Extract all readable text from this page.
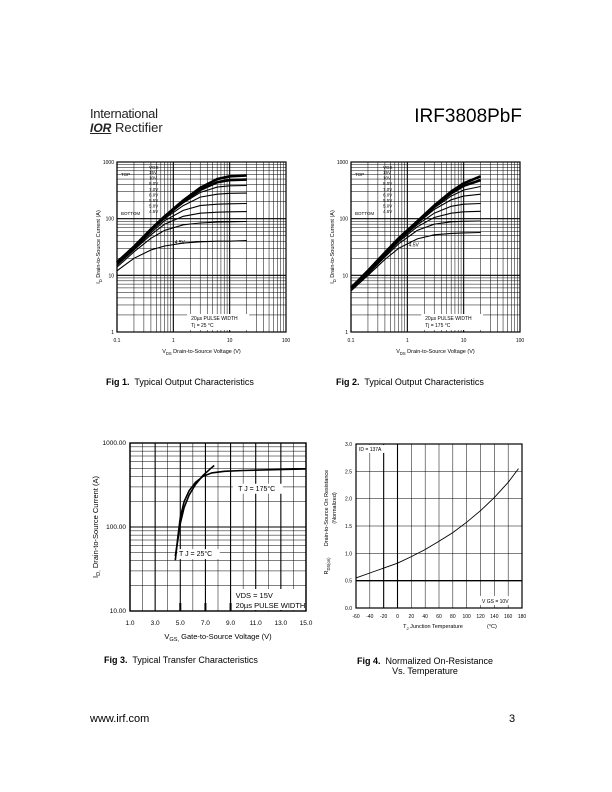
International
IOR Rectifier
IRF3808PbF
0.1	1	10	100
1
10
100
1000
VGS
TOP
BOTTOM
15V
10V
8.0V
7.0V
6.0V
5.5V
5.0V
4.5V
4.5V
20µs PULSE WIDTH
Tj = 25 °C
$V_{DS}$ Drain-to-Source Voltage (V)
$I_D$ Drain-to-Source Current (A)
Fig 1. Typical Output Characteristics
0.1	1	10	100
1
10
100
1000
VGS
TOP
BOTTOM
15V
10V
8.0V
7.0V
6.0V
5.5V
5.0V
4.5V
4.5V
20µs PULSE WIDTH
Tj = 175 °C
$V_{DS}$ Drain-to-Source Voltage (V)
$I_D$ Drain-to-Source Current (A)
Fig 2. Typical Output Characteristics
1.0 3.0 5.0 7.0 9.0 11.0 13.0 15.0
10.00
100.00
1000.00
T J = 175°C
T J = 25°C
VDS = 15V
20µs PULSE WIDTH
$V_{GS,}$ Gate-to-Source Voltage (V)
$I_{D,}$ Drain-to-Source Current (Α)
Fig 3. Typical Transfer Characteristics
-60 -40 -20 0 20 40 60 80 100 120 140 160 180
0.0
0.5
1.0
1.5
2.0
2.5
3.0
ID = 137A
V GS = 10V
$T_J$ Junction Temperature	(°C)
$R_{DS(on)}$
Drain-to-Source On Resistance (Normalized)
Fig 4. Normalized On-Resistance
Vs. Temperature
www.irf.com	3
